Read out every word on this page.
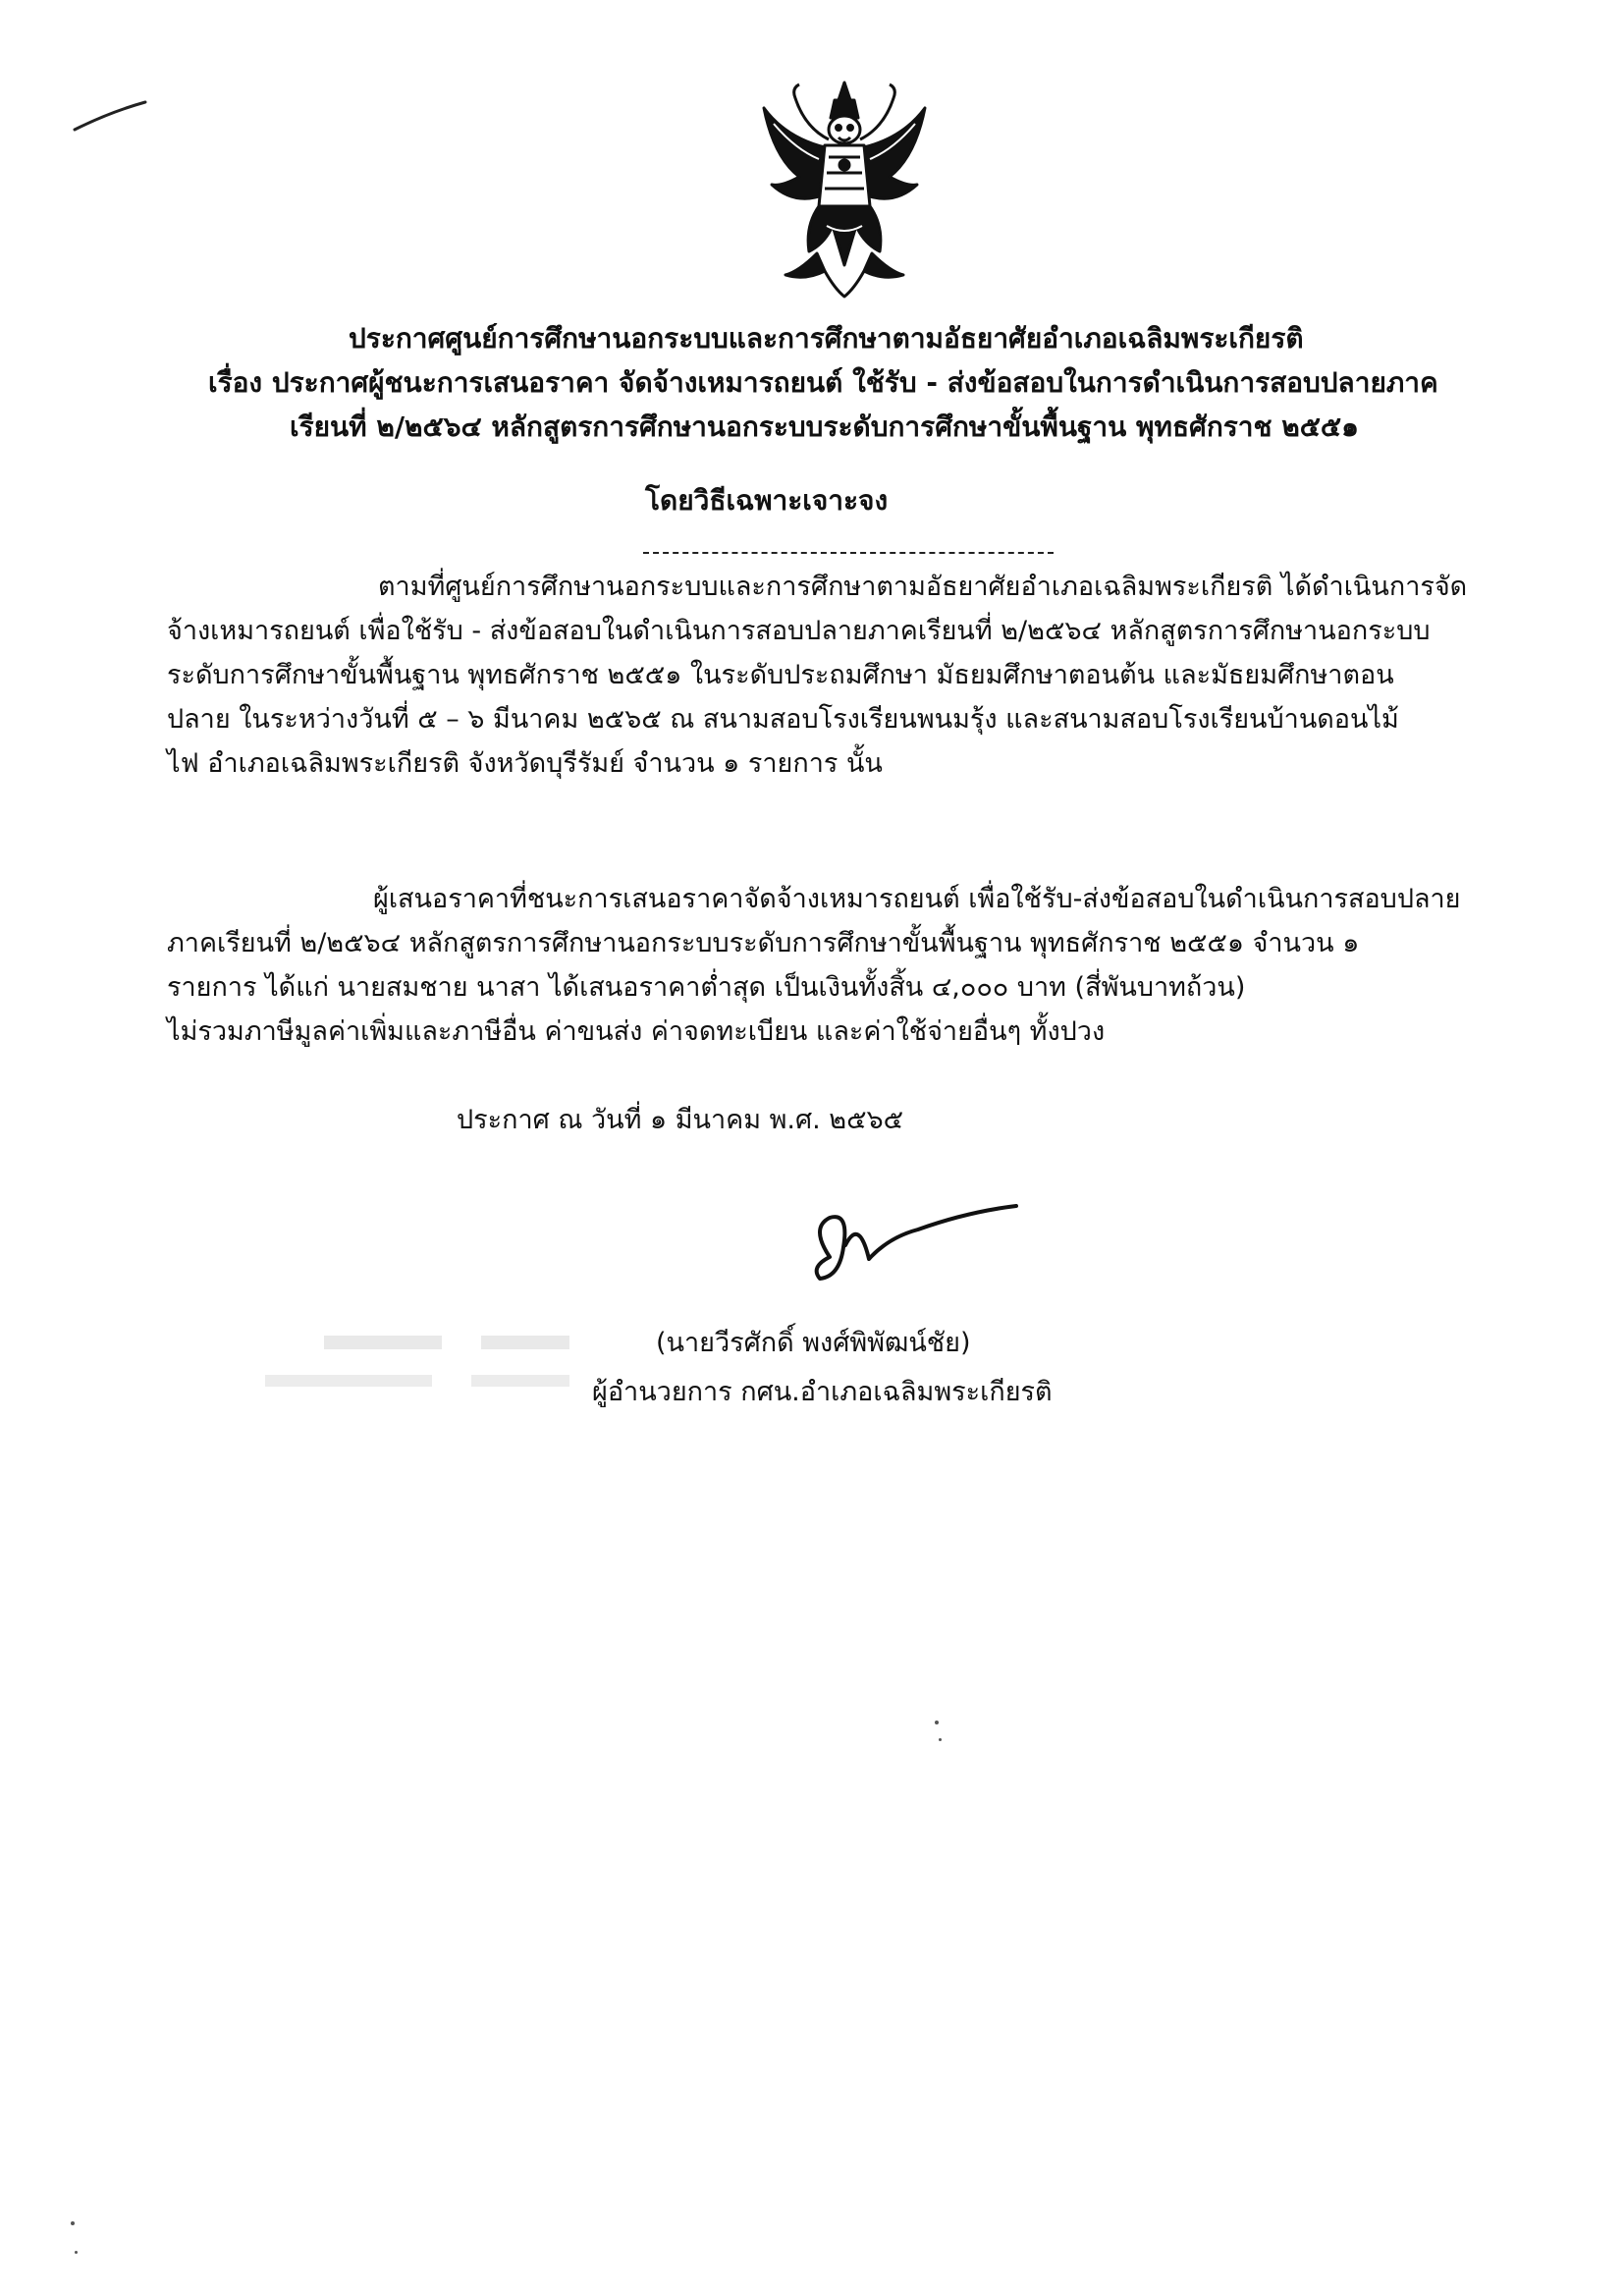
ประกาศศูนย์การศึกษานอกระบบและการศึกษาตามอัธยาศัยอำเภอเฉลิมพระเกียรติ
เรื่อง ประกาศผู้ชนะการเสนอราคา จัดจ้างเหมารถยนต์ ใช้รับ - ส่งข้อสอบในการดำเนินการสอบปลายภาค
เรียนที่ ๒/๒๕๖๔ หลักสูตรการศึกษานอกระบบระดับการศึกษาขั้นพื้นฐาน พุทธศักราช ๒๕๕๑
โดยวิธีเฉพาะเจาะจง
ตามที่ศูนย์การศึกษานอกระบบและการศึกษาตามอัธยาศัยอำเภอเฉลิมพระเกียรติ ได้ดำเนินการจัด
จ้างเหมารถยนต์ เพื่อใช้รับ - ส่งข้อสอบในดำเนินการสอบปลายภาคเรียนที่ ๒/๒๕๖๔ หลักสูตรการศึกษานอกระบบ
ระดับการศึกษาขั้นพื้นฐาน พุทธศักราช ๒๕๕๑ ในระดับประถมศึกษา มัธยมศึกษาตอนต้น และมัธยมศึกษาตอน
ปลาย ในระหว่างวันที่ ๕ – ๖ มีนาคม ๒๕๖๕ ณ สนามสอบโรงเรียนพนมรุ้ง และสนามสอบโรงเรียนบ้านดอนไม้
ไฟ อำเภอเฉลิมพระเกียรติ จังหวัดบุรีรัมย์ จำนวน ๑ รายการ นั้น
ผู้เสนอราคาที่ชนะการเสนอราคาจัดจ้างเหมารถยนต์ เพื่อใช้รับ-ส่งข้อสอบในดำเนินการสอบปลาย
ภาคเรียนที่ ๒/๒๕๖๔ หลักสูตรการศึกษานอกระบบระดับการศึกษาขั้นพื้นฐาน พุทธศักราช ๒๕๕๑ จำนวน ๑
รายการ ได้แก่ นายสมชาย นาสา ได้เสนอราคาต่ำสุด เป็นเงินทั้งสิ้น ๔,๐๐๐ บาท (สี่พันบาทถ้วน)
ไม่รวมภาษีมูลค่าเพิ่มและภาษีอื่น ค่าขนส่ง ค่าจดทะเบียน และค่าใช้จ่ายอื่นๆ ทั้งปวง
ประกาศ ณ วันที่ ๑ มีนาคม พ.ศ. ๒๕๖๕
(นายวีรศักดิ์ พงศ์พิพัฒน์ชัย)
ผู้อำนวยการ กศน.อำเภอเฉลิมพระเกียรติ
